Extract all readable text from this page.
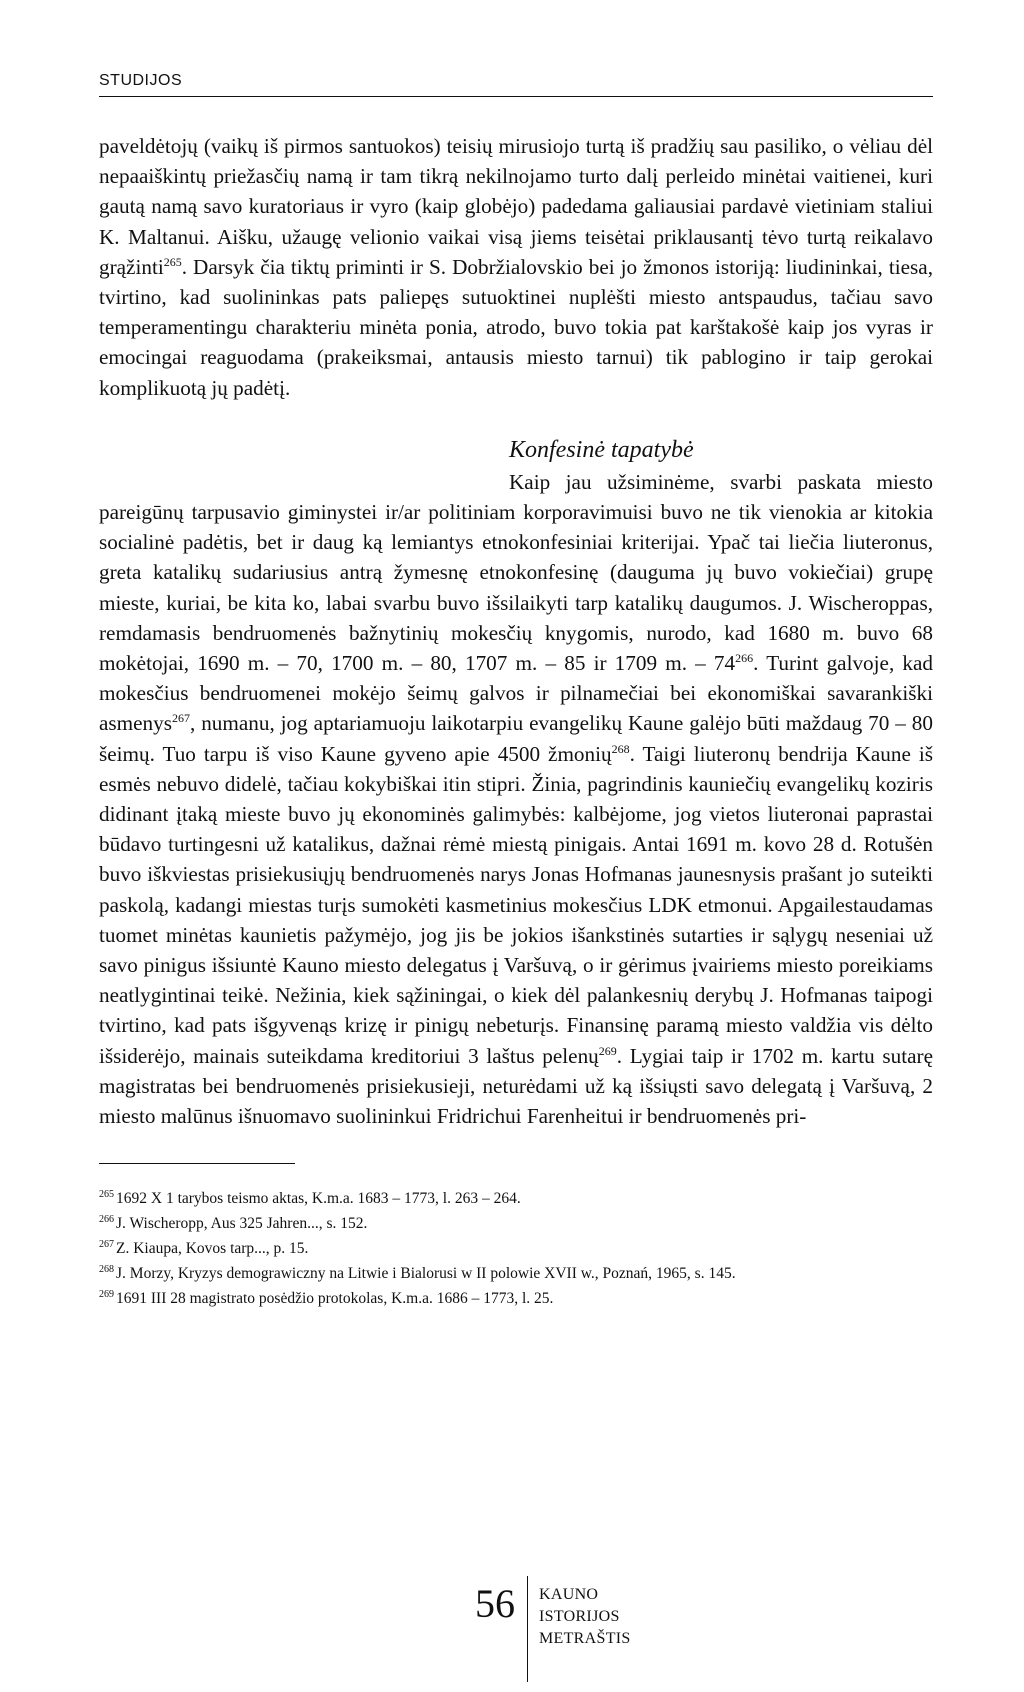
STUDIJOS

paveldėtojų (vaikų iš pirmos santuokos) teisių mirusiojo turtą iš pradžių sau pasiliko, o vėliau dėl nepaaiškintų priežasčių namą ir tam tikrą nekilnojamo turto dalį perleido minėtai vaitienei, kuri gautą namą savo kuratoriaus ir vyro (kaip globėjo) padedama galiausiai pardavė vietiniam staliui K. Maltanui. Aišku, užaugę velionio vaikai visą jiems teisėtai priklausantį tėvo turtą reikalavo grąžinti$^{265}$. Darsyk čia tiktų priminti ir S. Dobržialovskio bei jo žmonos istoriją: liudininkai, tiesa, tvirtino, kad suolininkas pats paliepęs sutuoktinei nuplėšti miesto antspaudus, tačiau savo temperamentingu charakteriu minėta ponia, atrodo, buvo tokia pat karštakošė kaip jos vyras ir emocingai reaguodama (prakeiksmai, antausis miesto tarnui) tik pablogino ir taip gerokai komplikuotą jų padėtį.

Konfesinė tapatybė

Kaip jau užsiminėme, svarbi paskata miesto pareigūnų tarpusavio giminystei ir/ar politiniam korporavimuisi buvo ne tik vienokia ar kitokia socialinė padėtis, bet ir daug ką lemiantys etnokonfesiniai kriterijai. Ypač tai liečia liuteronus, greta katalikų sudariusius antrą žymesnę etnokonfesinę (dauguma jų buvo vokiečiai) grupę mieste, kuriai, be kita ko, labai svarbu buvo išsilaikyti tarp katalikų daugumos. J. Wischeroppas, remdamasis bendruomenės bažnytinių mokesčių knygomis, nurodo, kad 1680 m. buvo 68 mokėtojai, 1690 m. – 70, 1700 m. – 80, 1707 m. – 85 ir 1709 m. – $74^{266}$. Turint galvoje, kad mokesčius bendruomenei mokėjo šeimų galvos ir pilnamečiai bei ekonomiškai savarankiški asmenys$^{267}$, numanu, jog aptariamuoju laikotarpiu evangelikų Kaune galėjo būti maždaug 70 – 80 šeimų. Tuo tarpu iš viso Kaune gyveno apie 4500 žmonių$^{268}$. Taigi liuteronų bendrija Kaune iš esmės nebuvo didelė, tačiau kokybiškai itin stipri. Žinia, pagrindinis kauniečių evangelikų koziris didinant įtaką mieste buvo jų ekonominės galimybės: kalbėjome, jog vietos liuteronai paprastai būdavo turtingesni už katalikus, dažnai rėmė miestą pinigais. Antai 1691 m. kovo 28 d. Rotušėn buvo iškviestas prisiekusiųjų bendruomenės narys Jonas Hofmanas jaunesnysis prašant jo suteikti paskolą, kadangi miestas turįs sumokėti kasmetinius mokesčius LDK etmonui. Apgailestaudamas tuomet minėtas kaunietis pažymėjo, jog jis be jokios išankstinės sutarties ir sąlygų neseniai už savo pinigus išsiuntė Kauno miesto delegatus į Varšuvą, o ir gėrimus įvairiems miesto poreikiams neatlygintinai teikė. Nežinia, kiek sąžiningai, o kiek dėl palankesnių derybų J. Hofmanas taipogi tvirtino, kad pats išgyvenąs krizę ir pinigų nebeturįs. Finansinę paramą miesto valdžia vis dėlto išsiderėjo, mainais suteikdama kreditoriui 3 laštus pelenų$^{269}$. Lygiai taip ir 1702 m. kartu sutarę magistratas bei bendruomenės prisiekusieji, neturėdami už ką išsiųsti savo delegatą į Varšuvą, 2 miesto malūnus išnuomavo suolininkui Fridrichui Farenheitui ir bendruomenės pri-

$^{265}$ 1692 X 1 tarybos teismo aktas, K.m.a. 1683 – 1773, l. 263 – 264.
$^{266}$ J. Wischeropp, Aus 325 Jahren..., s. 152.
$^{267}$ Z. Kiaupa, Kovos tarp..., p. 15.
$^{268}$ J. Morzy, Kryzys demograwiczny na Litwie i Bialorusi w II polowie XVII w., Poznań, 1965, s. 145.
$^{269}$ 1691 III 28 magistrato posėdžio protokolas, K.m.a. 1686 – 1773, l. 25.
56 KAUNO
ISTORIJOS
METRAŠTIS
